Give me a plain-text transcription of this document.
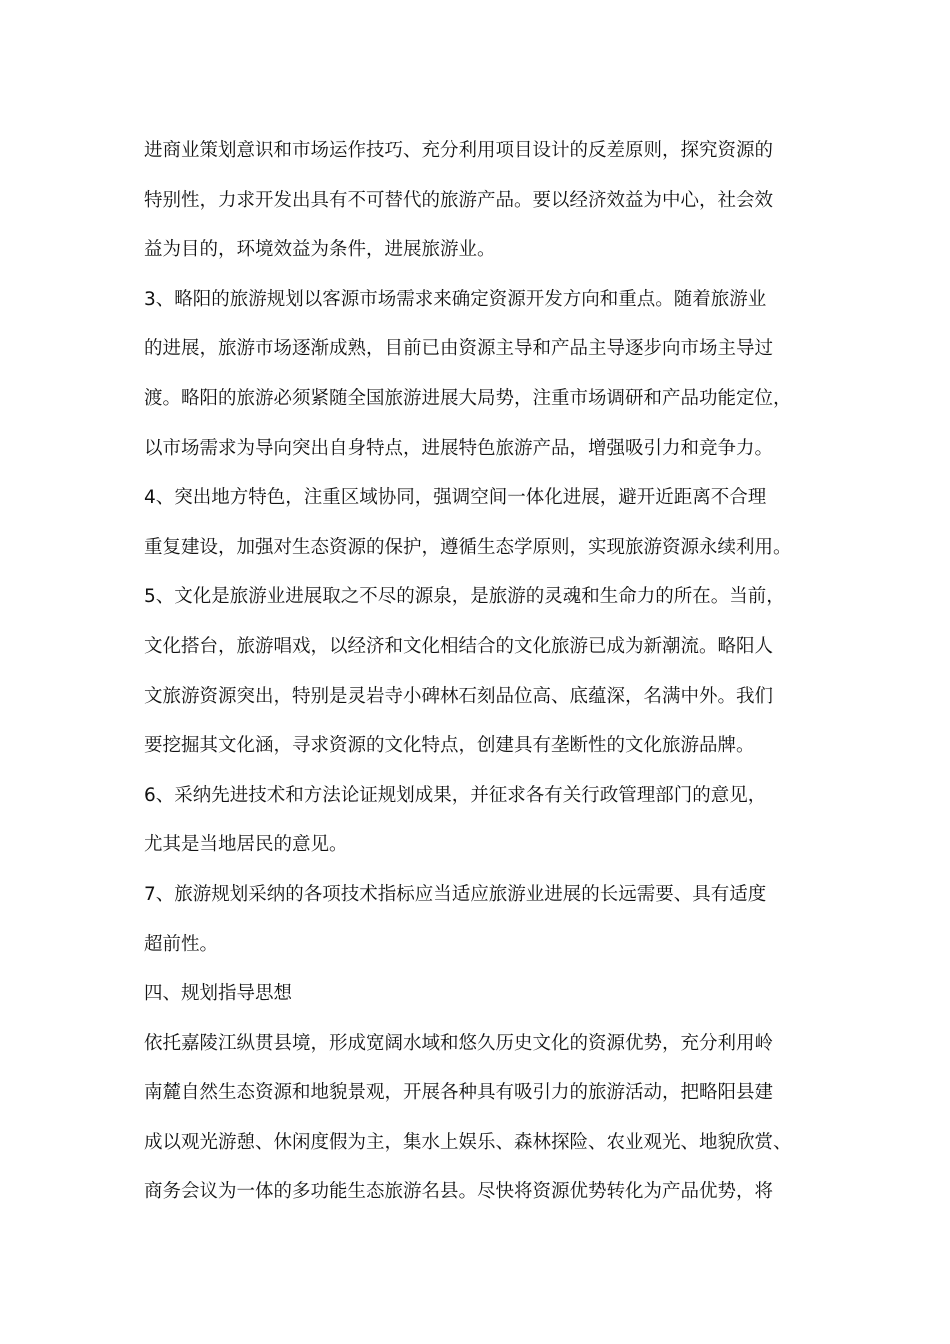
进商业策划意识和市场运作技巧、充分利用项目设计的反差原则，探究资源的
特别性，力求开发出具有不可替代的旅游产品。要以经济效益为中心，社会效
益为目的，环境效益为条件，进展旅游业。
3、略阳的旅游规划以客源市场需求来确定资源开发方向和重点。随着旅游业
的进展，旅游市场逐渐成熟，目前已由资源主导和产品主导逐步向市场主导过
渡。略阳的旅游必须紧随全国旅游进展大局势，注重市场调研和产品功能定位，
以市场需求为导向突出自身特点，进展特色旅游产品，增强吸引力和竞争力。
4、突出地方特色，注重区域协同，强调空间一体化进展，避开近距离不合理
重复建设，加强对生态资源的保护，遵循生态学原则，实现旅游资源永续利用。
5、文化是旅游业进展取之不尽的源泉，是旅游的灵魂和生命力的所在。当前，
文化搭台，旅游唱戏，以经济和文化相结合的文化旅游已成为新潮流。略阳人
文旅游资源突出，特别是灵岩寺小碑林石刻品位高、底蕴深，名满中外。我们
要挖掘其文化涵，寻求资源的文化特点，创建具有垄断性的文化旅游品牌。
6、采纳先进技术和方法论证规划成果，并征求各有关行政管理部门的意见，
尤其是当地居民的意见。
7、旅游规划采纳的各项技术指标应当适应旅游业进展的长远需要、具有适度
超前性。
四、规划指导思想
依托嘉陵江纵贯县境，形成宽阔水域和悠久历史文化的资源优势，充分利用岭
南麓自然生态资源和地貌景观，开展各种具有吸引力的旅游活动，把略阳县建
成以观光游憩、休闲度假为主，集水上娱乐、森林探险、农业观光、地貌欣赏、
商务会议为一体的多功能生态旅游名县。尽快将资源优势转化为产品优势，将
